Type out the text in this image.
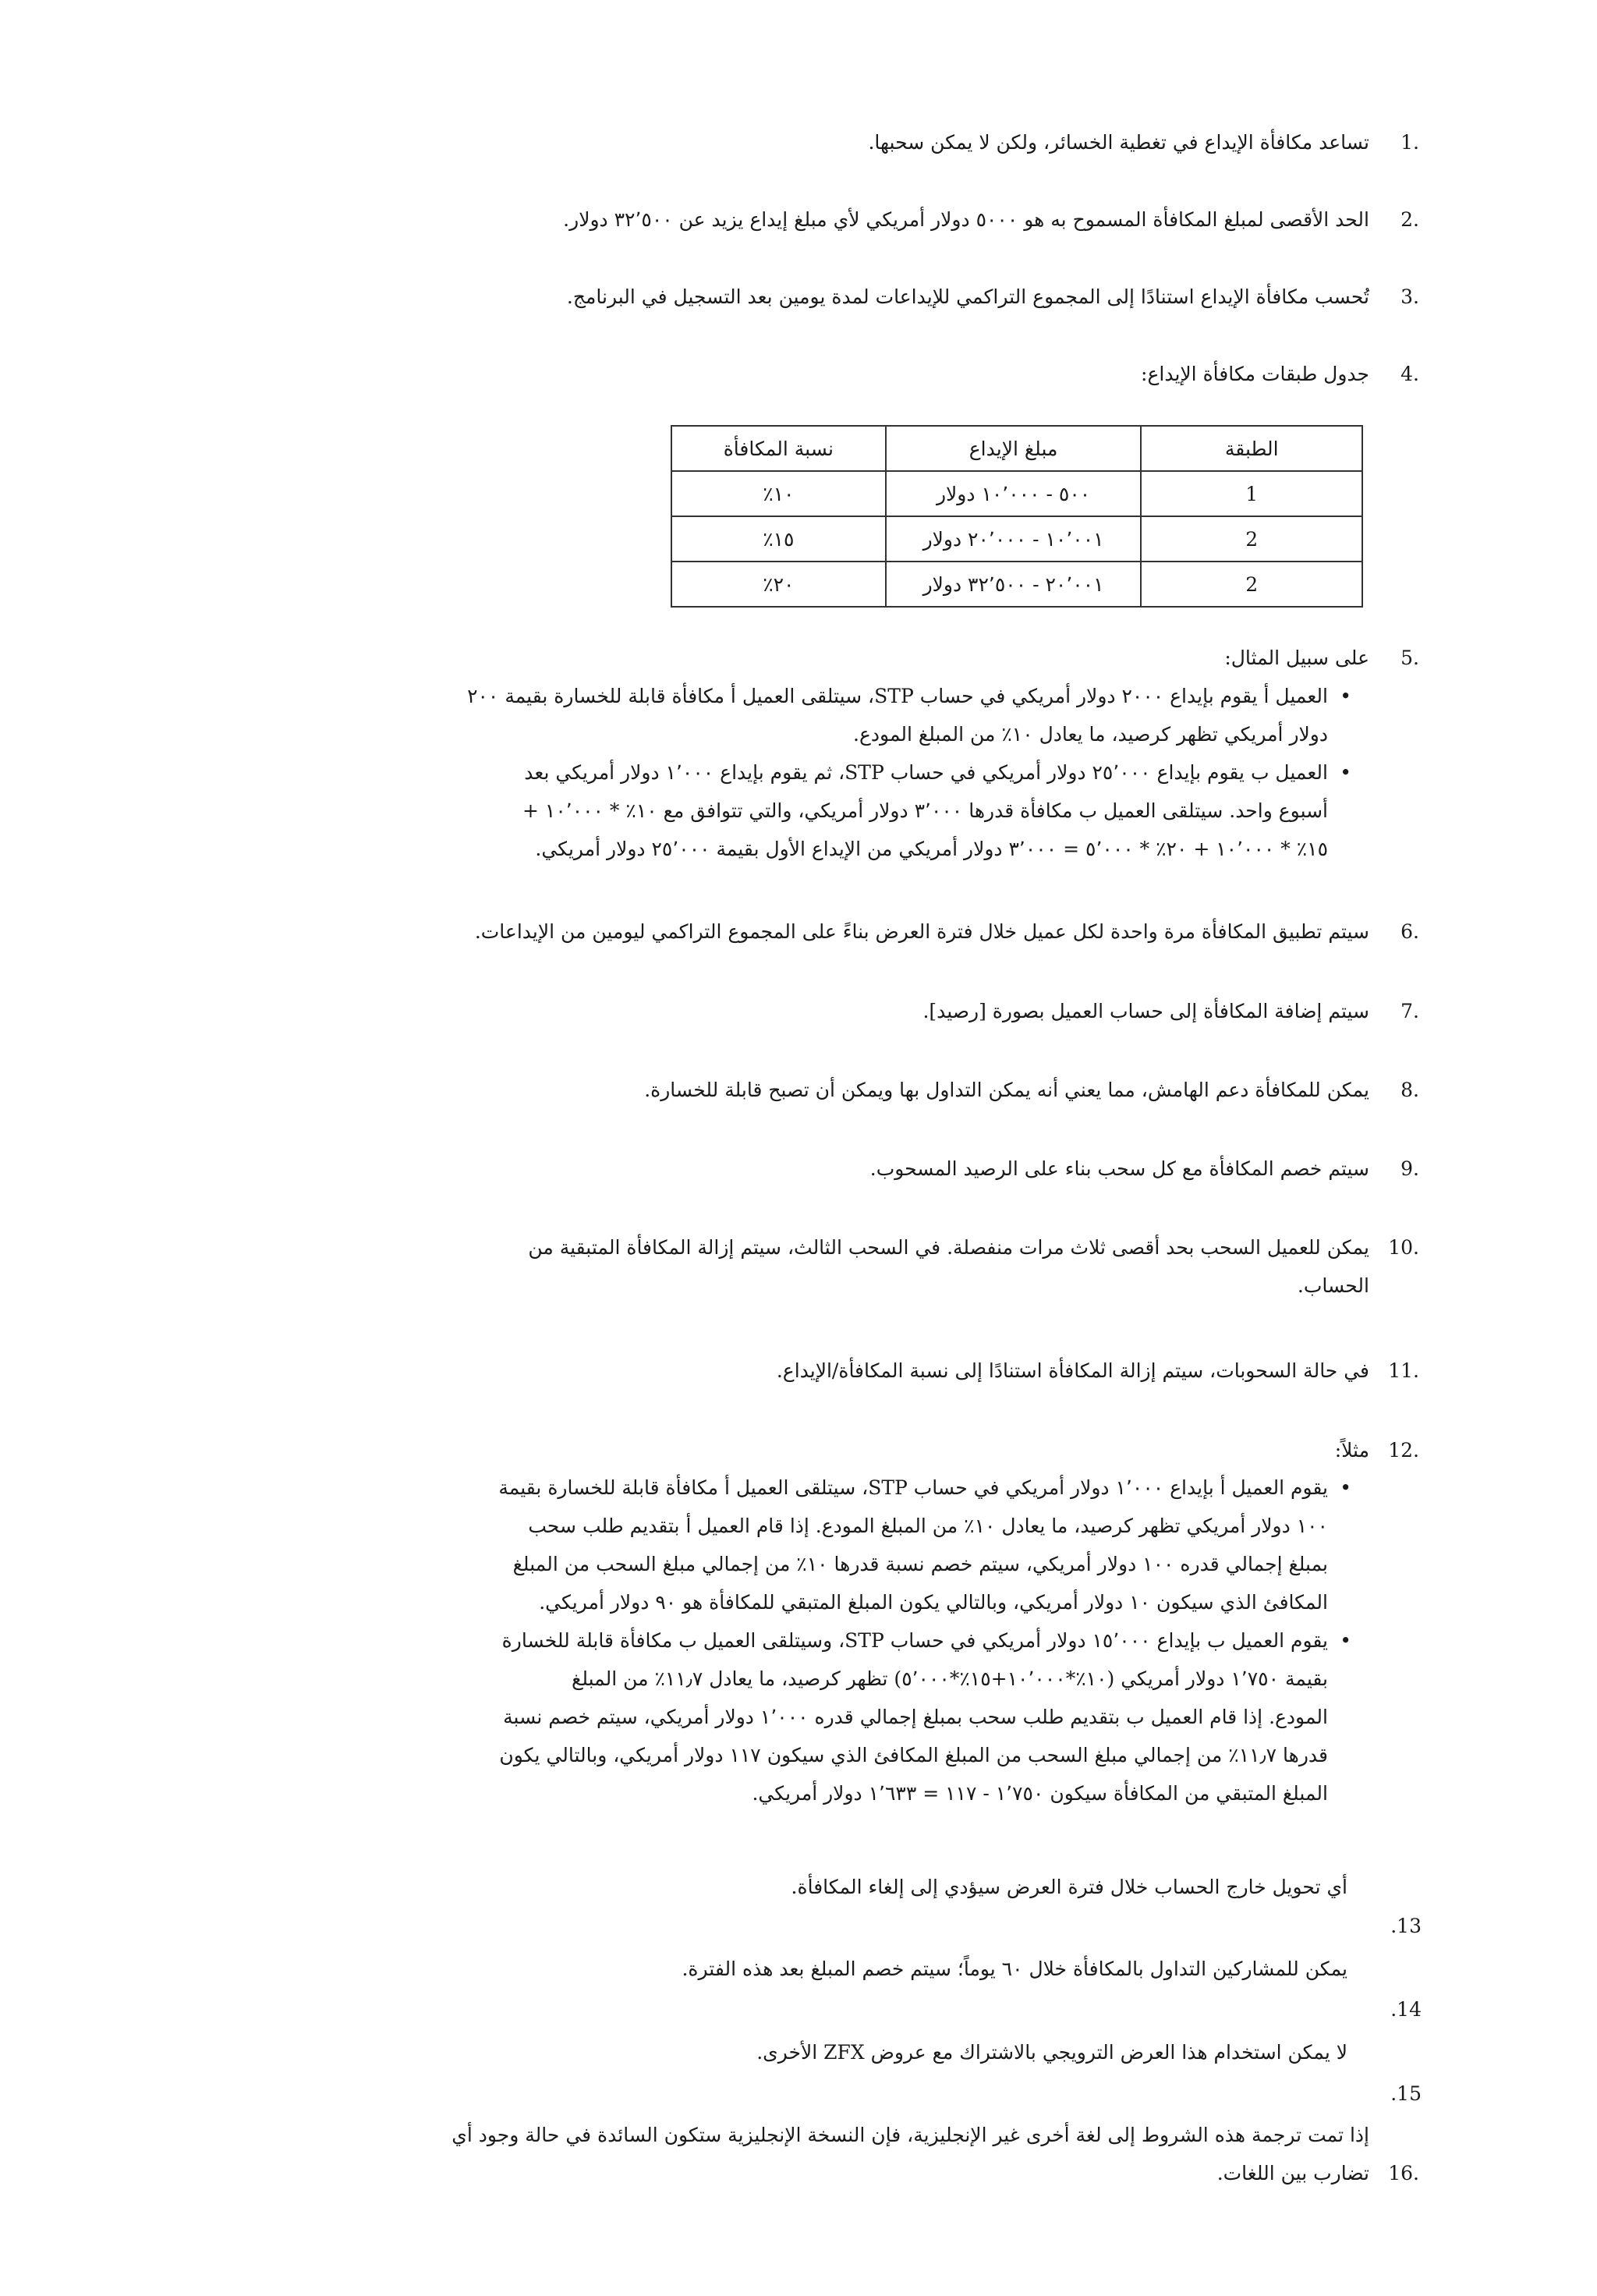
1.

تساعد مكافأة الإيداع في تغطية الخسائر، ولكن لا يمكن سحبها.

2.

الحد الأقصى لمبلغ المكافأة المسموح به هو ٥٠٠٠ دولار أمريكي لأي مبلغ إيداع يزيد عن ٣٢٬٥٠٠ دولار.

3.

تُحسب مكافأة الإيداع استنادًا إلى المجموع التراكمي للإيداعات لمدة يومين بعد التسجيل في البرنامج.

4.

جدول طبقات مكافأة الإيداع:

الطبقة	مبلغ الإيداع	نسبة المكافأة
1	٥٠٠ - ١٠٬٠٠٠ دولار	١٠٪
2	١٠٬٠٠١ - ٢٠٬٠٠٠ دولار	١٥٪
2	٢٠٬٠٠١ - ٣٢٬٥٠٠ دولار	٢٠٪
5.

على سبيل المثال:

• العميل أ يقوم بإيداع ٢٠٠٠ دولار أمريكي في حساب STP، سيتلقى العميل أ مكافأة قابلة للخسارة بقيمة ٢٠٠
دولار أمريكي تظهر كرصيد، ما يعادل ١٠٪ من المبلغ المودع.
• العميل ب يقوم بإيداع ٢٥٬٠٠٠ دولار أمريكي في حساب STP، ثم يقوم بإيداع ١٬٠٠٠ دولار أمريكي بعد
أسبوع واحد. سيتلقى العميل ب مكافأة قدرها ٣٬٠٠٠ دولار أمريكي، والتي تتوافق مع ١٠٪ * ١٠٬٠٠٠ +
١٥٪ * ١٠٬٠٠٠ + ٢٠٪ * ٥٬٠٠٠ = ٣٬٠٠٠ دولار أمريكي من الإيداع الأول بقيمة ٢٥٬٠٠٠ دولار أمريكي.
6.

سيتم تطبيق المكافأة مرة واحدة لكل عميل خلال فترة العرض بناءً على المجموع التراكمي ليومين من الإيداعات.

7.

سيتم إضافة المكافأة إلى حساب العميل بصورة [رصيد].

8.

يمكن للمكافأة دعم الهامش، مما يعني أنه يمكن التداول بها ويمكن أن تصبح قابلة للخسارة.

9.

سيتم خصم المكافأة مع كل سحب بناء على الرصيد المسحوب.

10.
يمكن للعميل السحب بحد أقصى ثلاث مرات منفصلة. في السحب الثالث، سيتم إزالة المكافأة المتبقية من
الحساب.
11.

في حالة السحوبات، سيتم إزالة المكافأة استنادًا إلى نسبة المكافأة/الإيداع.

12.

مثلاً:

• يقوم العميل أ بإيداع ١٬٠٠٠ دولار أمريكي في حساب STP، سيتلقى العميل أ مكافأة قابلة للخسارة بقيمة
١٠٠ دولار أمريكي تظهر كرصيد، ما يعادل ١٠٪ من المبلغ المودع. إذا قام العميل أ بتقديم طلب سحب
بمبلغ إجمالي قدره ١٠٠ دولار أمريكي، سيتم خصم نسبة قدرها ١٠٪ من إجمالي مبلغ السحب من المبلغ
المكافئ الذي سيكون ١٠ دولار أمريكي، وبالتالي يكون المبلغ المتبقي للمكافأة هو ٩٠ دولار أمريكي.
• يقوم العميل ب بإيداع ١٥٬٠٠٠ دولار أمريكي في حساب STP، وسيتلقى العميل ب مكافأة قابلة للخسارة
بقيمة ١٬٧٥٠ دولار أمريكي (١٠٪*١٠٬٠٠٠+١٥٪*٥٬٠٠٠) تظهر كرصيد، ما يعادل ١١٫٧٪ من المبلغ
المودع. إذا قام العميل ب بتقديم طلب سحب بمبلغ إجمالي قدره ١٬٠٠٠ دولار أمريكي، سيتم خصم نسبة
قدرها ١١٫٧٪ من إجمالي مبلغ السحب من المبلغ المكافئ الذي سيكون ١١٧ دولار أمريكي، وبالتالي يكون
المبلغ المتبقي من المكافأة سيكون ١٬٧٥٠ - ١١٧ = ١٬٦٣٣ دولار أمريكي.

أي تحويل خارج الحساب خلال فترة العرض سيؤدي إلى إلغاء المكافأة.

.13

يمكن للمشاركين التداول بالمكافأة خلال ٦٠ يوماً؛ سيتم خصم المبلغ بعد هذه الفترة.

.14

لا يمكن استخدام هذا العرض الترويجي بالاشتراك مع عروض ZFX الأخرى.

.15
16.
إذا تمت ترجمة هذه الشروط إلى لغة أخرى غير الإنجليزية، فإن النسخة الإنجليزية ستكون السائدة في حالة وجود أي
تضارب بين اللغات.
